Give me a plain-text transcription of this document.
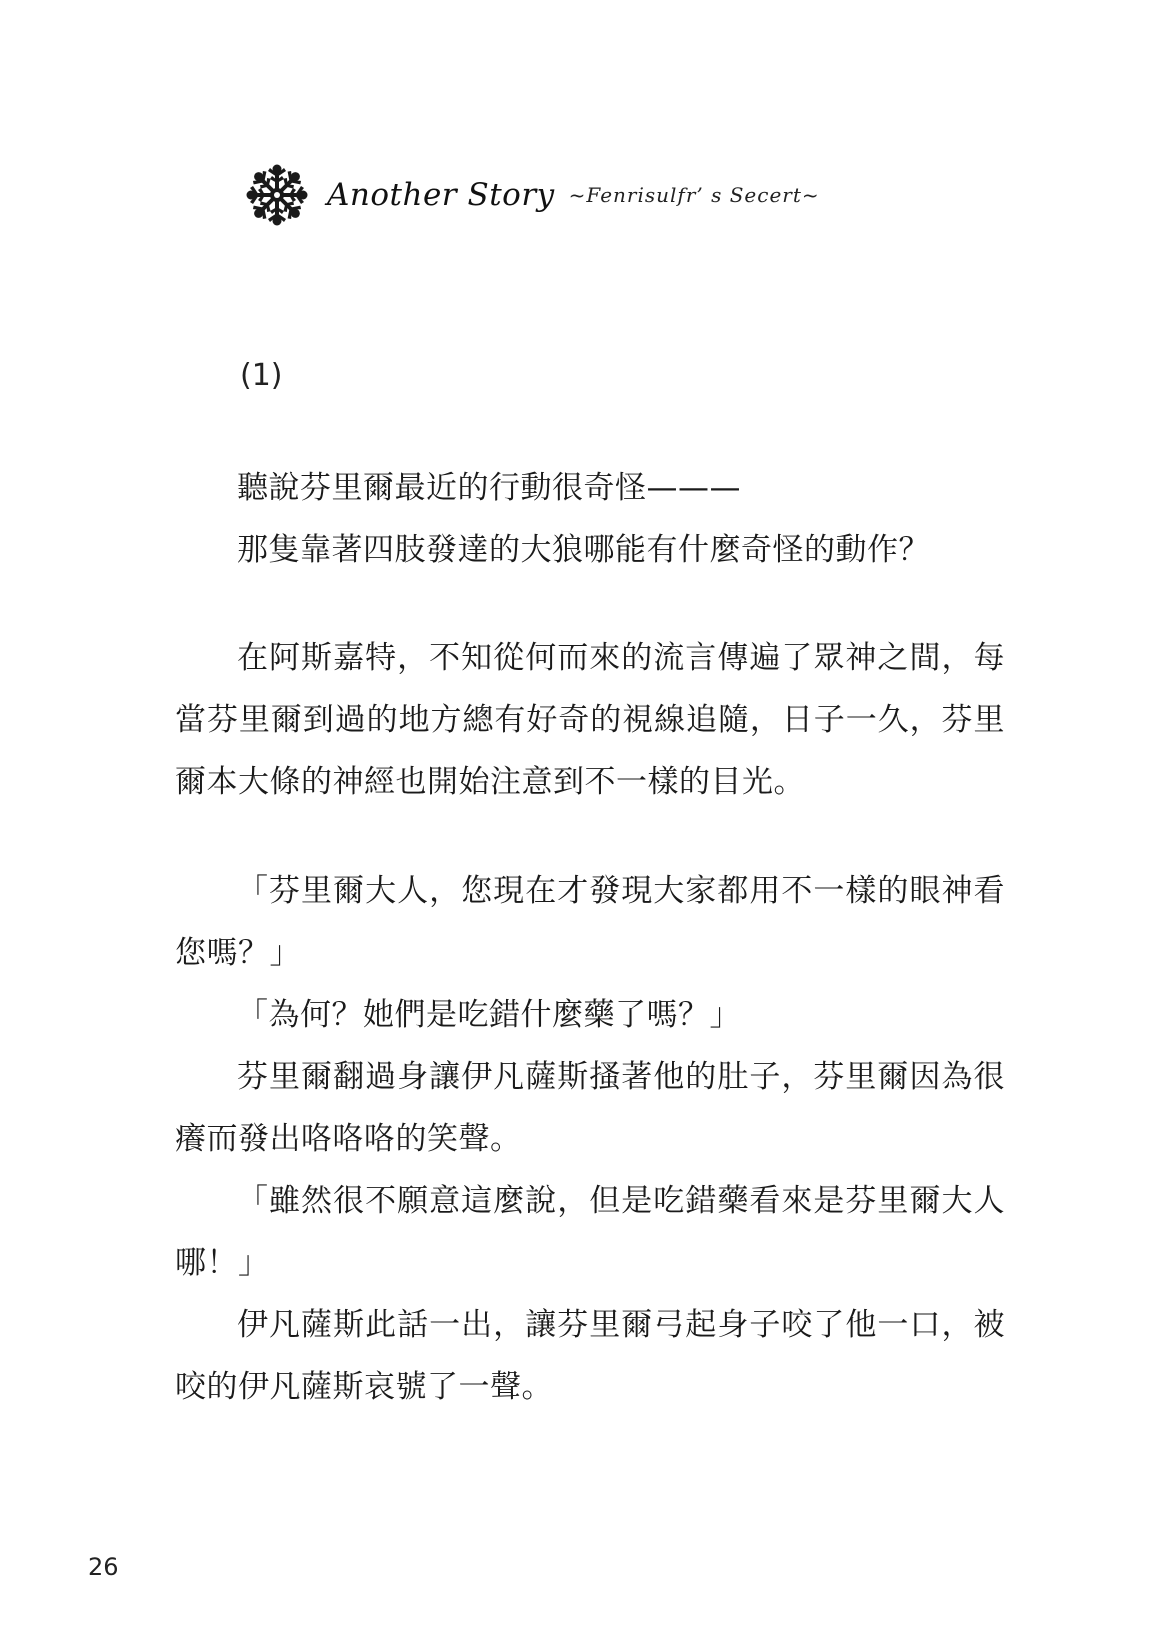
Another Story ~Fenrisulfr’ s Secert~
(1)

聽說芬里爾最近的行動很奇怪———

那隻靠著四肢發達的大狼哪能有什麼奇怪的動作？

在阿斯嘉特，不知從何而來的流言傳遍了眾神之間，每當芬里爾到過的地方總有好奇的視線追隨，日子一久，芬里爾本大條的神經也開始注意到不一樣的目光。

「芬里爾大人，您現在才發現大家都用不一樣的眼神看您嗎？」

「為何？她們是吃錯什麼藥了嗎？」

芬里爾翻過身讓伊凡薩斯搔著他的肚子，芬里爾因為很癢而發出咯咯咯的笑聲。

「雖然很不願意這麼說，但是吃錯藥看來是芬里爾大人哪！」

伊凡薩斯此話一出，讓芬里爾弓起身子咬了他一口，被咬的伊凡薩斯哀號了一聲。

26
